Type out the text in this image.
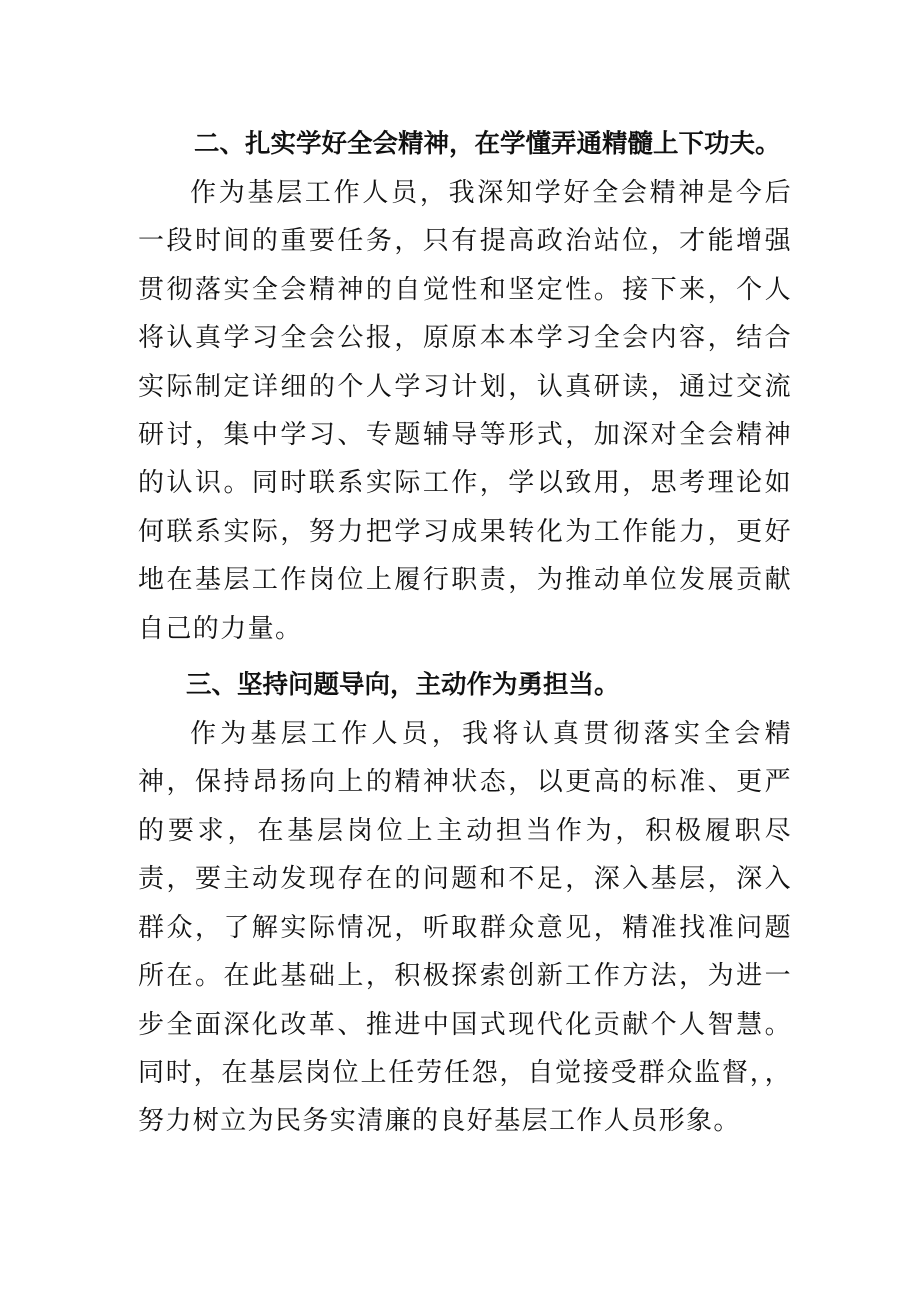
二、扎实学好全会精神，在学懂弄通精髓上下功夫。

作为基层工作人员，我深知学好全会精神是今后一段时间的重要任务，只有提高政治站位，才能增强贯彻落实全会精神的自觉性和坚定性。接下来，个人将认真学习全会公报，原原本本学习全会内容，结合实际制定详细的个人学习计划，认真研读，通过交流研讨，集中学习、专题辅导等形式，加深对全会精神的认识。同时联系实际工作，学以致用，思考理论如何联系实际，努力把学习成果转化为工作能力，更好地在基层工作岗位上履行职责，为推动单位发展贡献自己的力量。

三、坚持问题导向，主动作为勇担当。

作为基层工作人员，我将认真贯彻落实全会精神，保持昂扬向上的精神状态，以更高的标准、更严的要求，在基层岗位上主动担当作为，积极履职尽责，要主动发现存在的问题和不足，深入基层，深入群众，了解实际情况，听取群众意见，精准找准问题所在。在此基础上，积极探索创新工作方法，为进一步全面深化改革、推进中国式现代化贡献个人智慧。同时，在基层岗位上任劳任怨，自觉接受群众监督，，努力树立为民务实清廉的良好基层工作人员形象。
